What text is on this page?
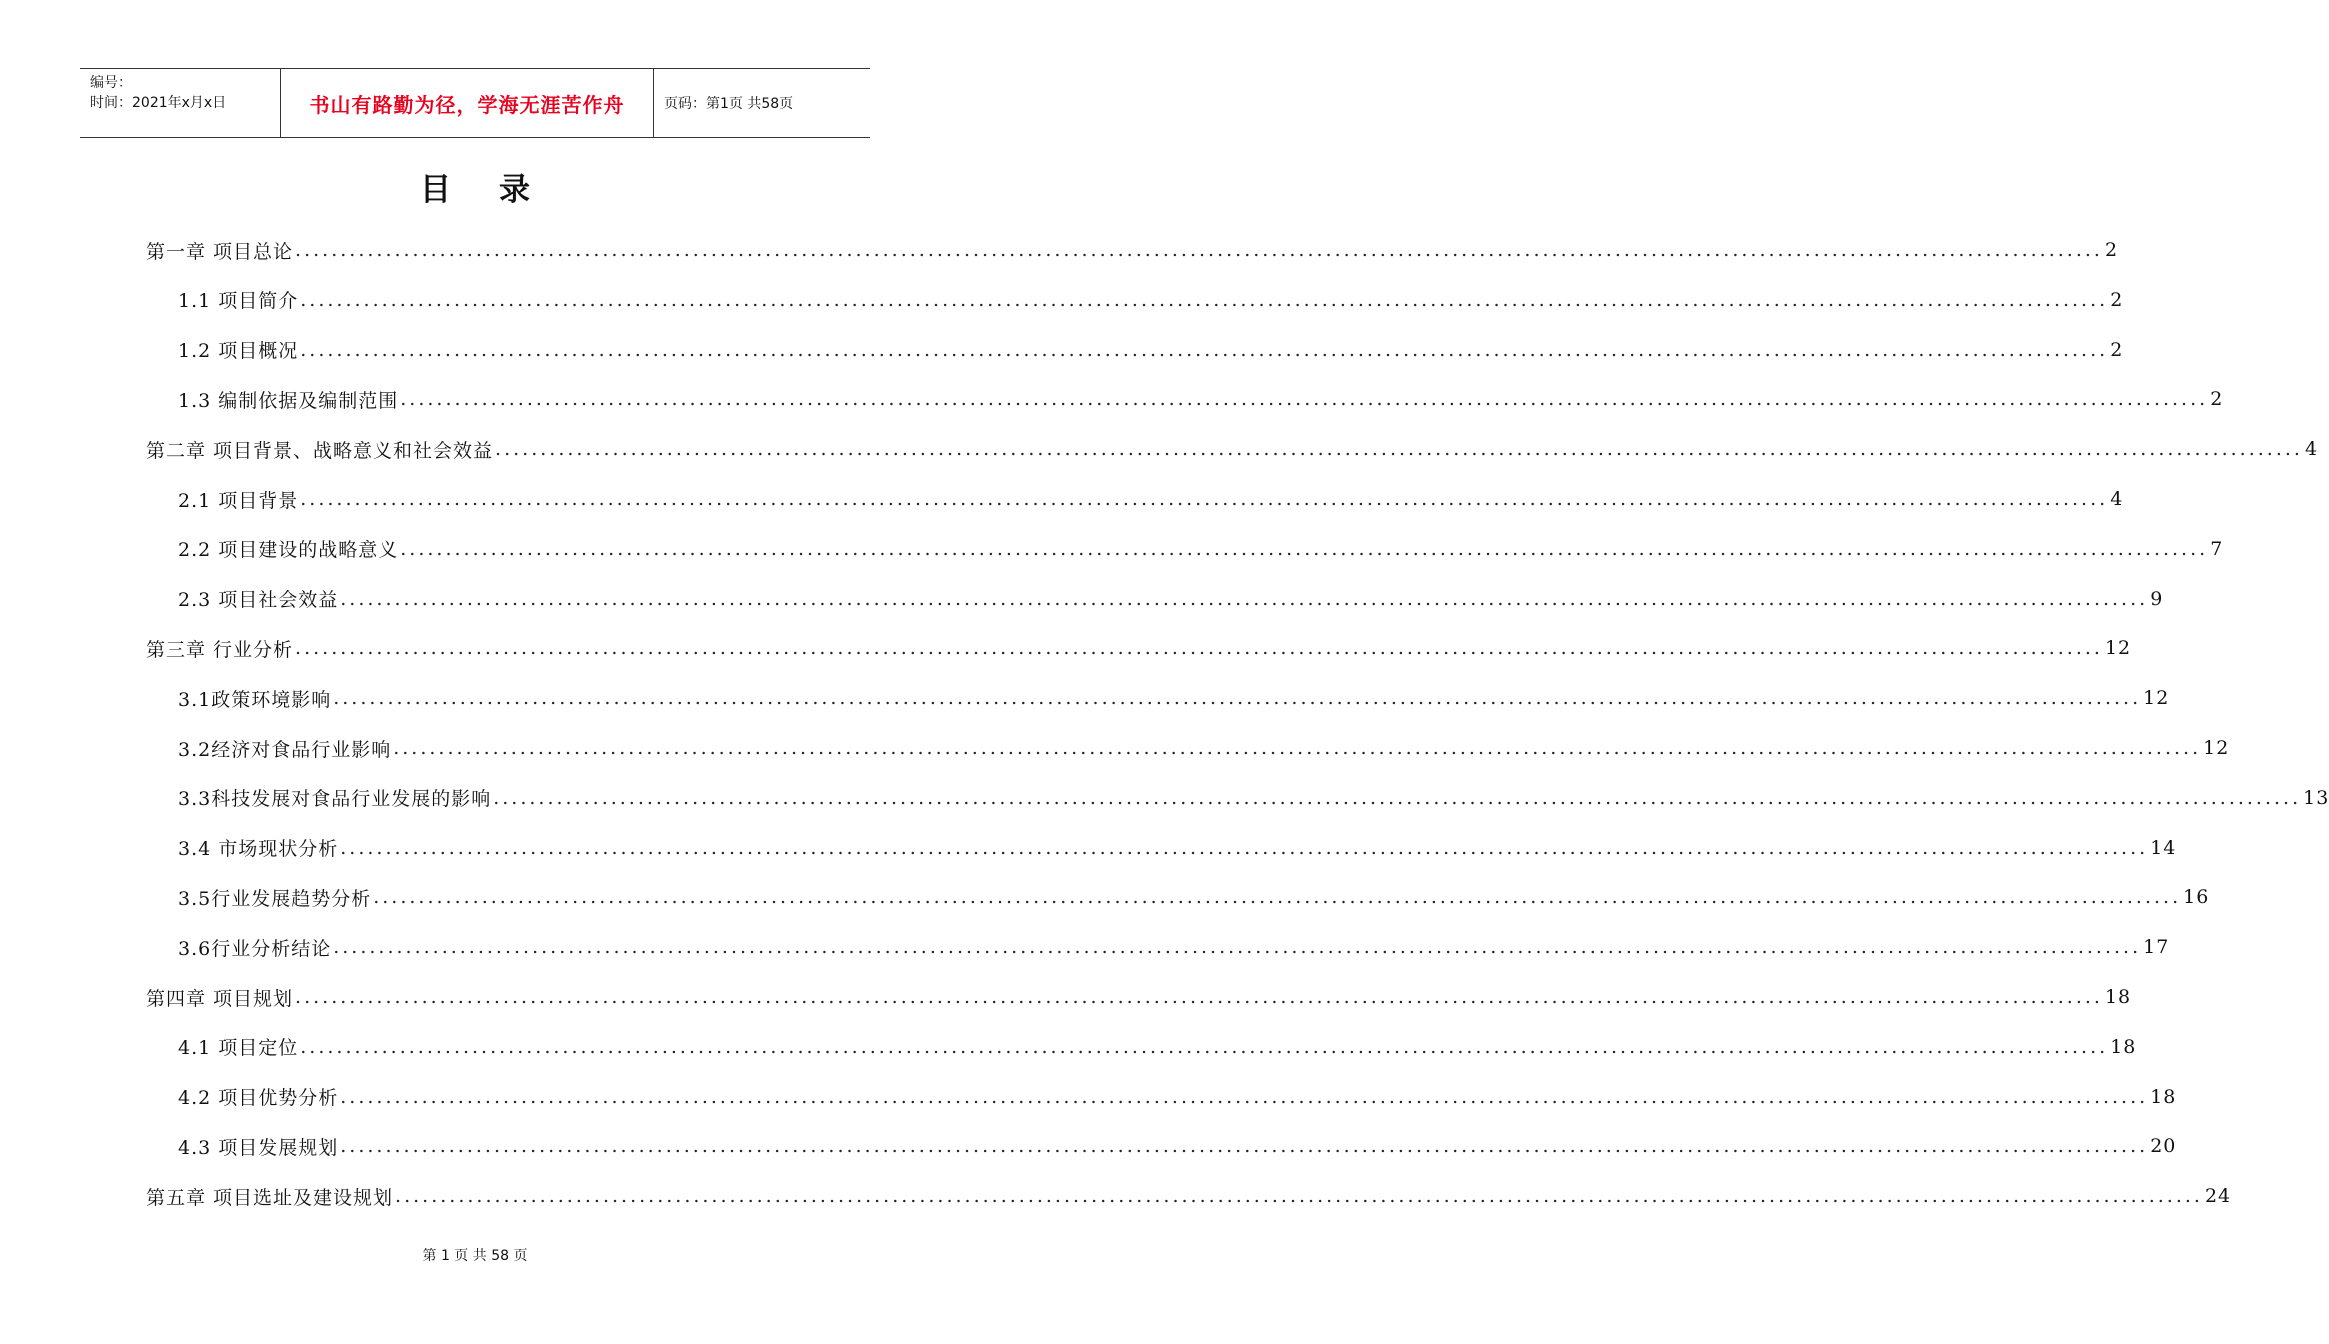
编号：
时间：2021年x月x日	书山有路勤为径，学海无涯苦作舟	页码：第1页 共58页
目录
第一章 项目总论 ........................................................................................................................................................................................................ 2
1.1 项目简介 ........................................................................................................................................................................................................ 2
1.2 项目概况 ........................................................................................................................................................................................................ 2
1.3 编制依据及编制范围 ........................................................................................................................................................................................................ 2
第二章 项目背景、战略意义和社会效益 ........................................................................................................................................................................................................ 4
2.1 项目背景 ........................................................................................................................................................................................................ 4
2.2 项目建设的战略意义 ........................................................................................................................................................................................................ 7
2.3 项目社会效益 ........................................................................................................................................................................................................ 9
第三章 行业分析 ........................................................................................................................................................................................................ 12
3.1政策环境影响 ........................................................................................................................................................................................................ 12
3.2经济对食品行业影响 ........................................................................................................................................................................................................ 12
3.3科技发展对食品行业发展的影响 ........................................................................................................................................................................................................ 13
3.4 市场现状分析 ........................................................................................................................................................................................................ 14
3.5行业发展趋势分析 ........................................................................................................................................................................................................ 16
3.6行业分析结论 ........................................................................................................................................................................................................ 17
第四章 项目规划 ........................................................................................................................................................................................................ 18
4.1 项目定位 ........................................................................................................................................................................................................ 18
4.2 项目优势分析 ........................................................................................................................................................................................................ 18
4.3 项目发展规划 ........................................................................................................................................................................................................ 20
第五章 项目选址及建设规划 ........................................................................................................................................................................................................ 24
第 1 页 共 58 页
